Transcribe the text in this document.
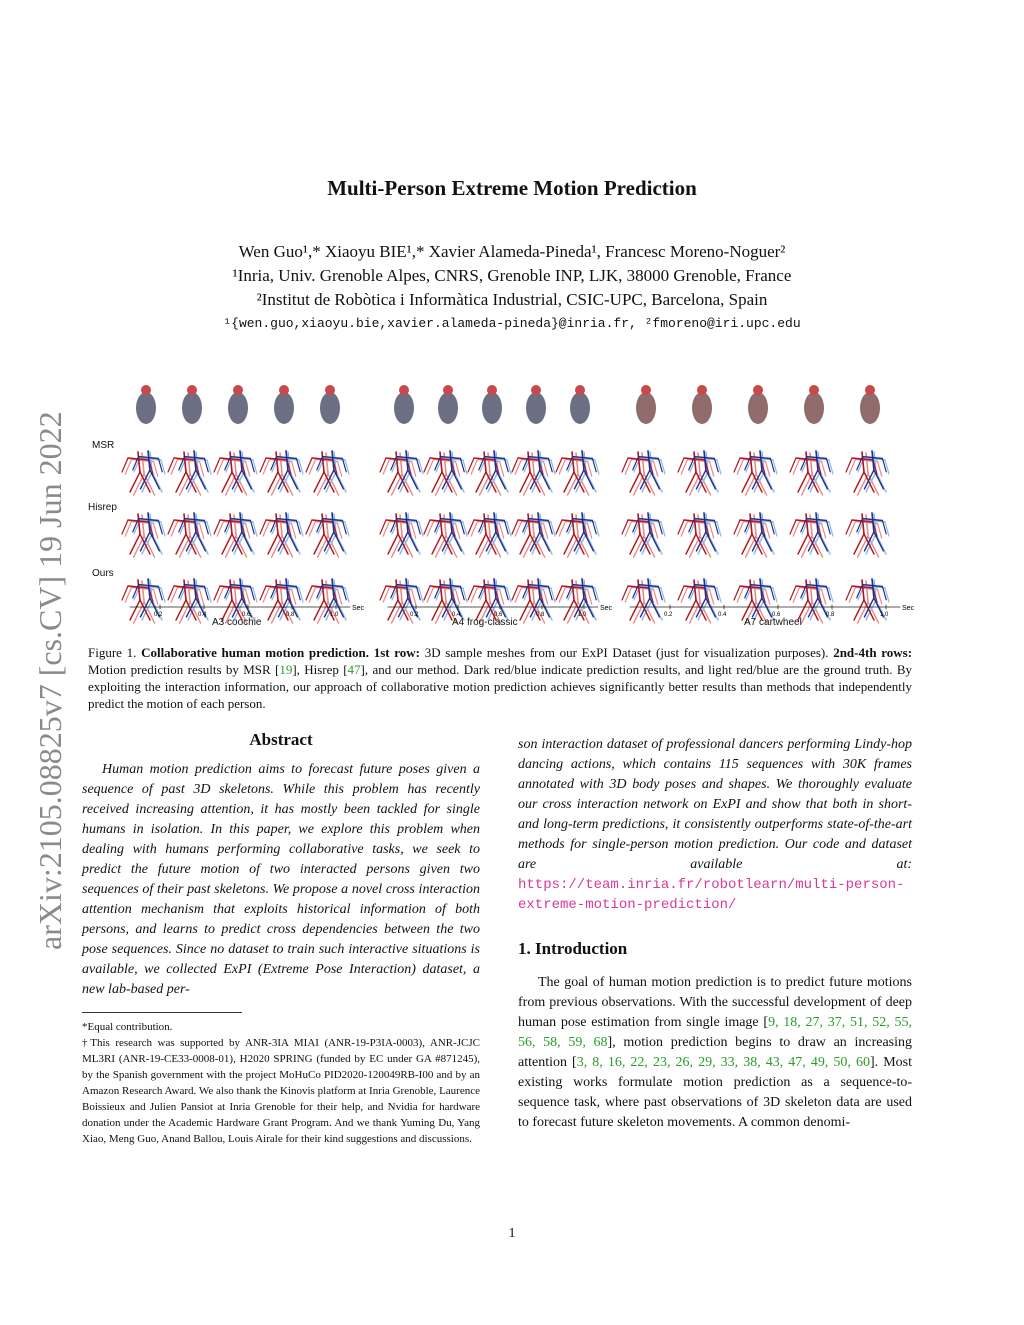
arXiv:2105.08825v7 [cs.CV] 19 Jun 2022
Multi-Person Extreme Motion Prediction
Wen Guo¹,* Xiaoyu BIE¹,* Xavier Alameda-Pineda¹, Francesc Moreno-Noguer²
¹Inria, Univ. Grenoble Alpes, CNRS, Grenoble INP, LJK, 38000 Grenoble, France
²Institut de Robòtica i Informàtica Industrial, CSIC-UPC, Barcelona, Spain
¹{wen.guo,xiaoyu.bie,xavier.alameda-pineda}@inria.fr, ²fmoreno@iri.upc.edu
MSR
Hisrep
Ours
0.2	0.4	0.6	0.8	1.0
Sec
0.2	0.4	0.6	0.8	1.0
Sec
0.2	0.4	0.6	0.8	1.0
Sec
A3 coochie	A4 frog-classic	A7 cartwheel
Figure 1. Collaborative human motion prediction. 1st row: 3D sample meshes from our ExPI Dataset (just for visualization purposes). 2nd-4th rows: Motion prediction results by MSR [19], Hisrep [47], and our method. Dark red/blue indicate prediction results, and light red/blue are the ground truth. By exploiting the interaction information, our approach of collaborative motion prediction achieves significantly better results than methods that independently predict the motion of each person.
Abstract

Human motion prediction aims to forecast future poses given a sequence of past 3D skeletons. While this problem has recently received increasing attention, it has mostly been tackled for single humans in isolation. In this paper, we explore this problem when dealing with humans performing collaborative tasks, we seek to predict the future motion of two interacted persons given two sequences of their past skeletons. We propose a novel cross interaction attention mechanism that exploits historical information of both persons, and learns to predict cross dependencies between the two pose sequences. Since no dataset to train such interactive situations is available, we collected ExPI (Extreme Pose Interaction) dataset, a new lab-based per-

*Equal contribution.

†This research was supported by ANR-3IA MIAI (ANR-19-P3IA-0003), ANR-JCJC ML3RI (ANR-19-CE33-0008-01), H2020 SPRING (funded by EC under GA #871245), by the Spanish government with the project MoHuCo PID2020-120049RB-I00 and by an Amazon Research Award. We also thank the Kinovis platform at Inria Grenoble, Laurence Boissieux and Julien Pansiot at Inria Grenoble for their help, and Nvidia for hardware donation under the Academic Hardware Grant Program. And we thank Yuming Du, Yang Xiao, Meng Guo, Anand Ballou, Louis Airale for their kind suggestions and discussions.

son interaction dataset of professional dancers performing Lindy-hop dancing actions, which contains 115 sequences with 30K frames annotated with 3D body poses and shapes. We thoroughly evaluate our cross interaction network on ExPI and show that both in short- and long-term predictions, it consistently outperforms state-of-the-art methods for single-person motion prediction. Our code and dataset are available at: https://team.inria.fr/robotlearn/multi-person-extreme-motion-prediction/

1. Introduction

The goal of human motion prediction is to predict future motions from previous observations. With the successful development of deep human pose estimation from single image [9, 18, 27, 37, 51, 52, 55, 56, 58, 59, 68], motion prediction begins to draw an increasing attention [3, 8, 16, 22, 23, 26, 29, 33, 38, 43, 47, 49, 50, 60]. Most existing works formulate motion prediction as a sequence-to-sequence task, where past observations of 3D skeleton data are used to forecast future skeleton movements. A common denomi-

1
